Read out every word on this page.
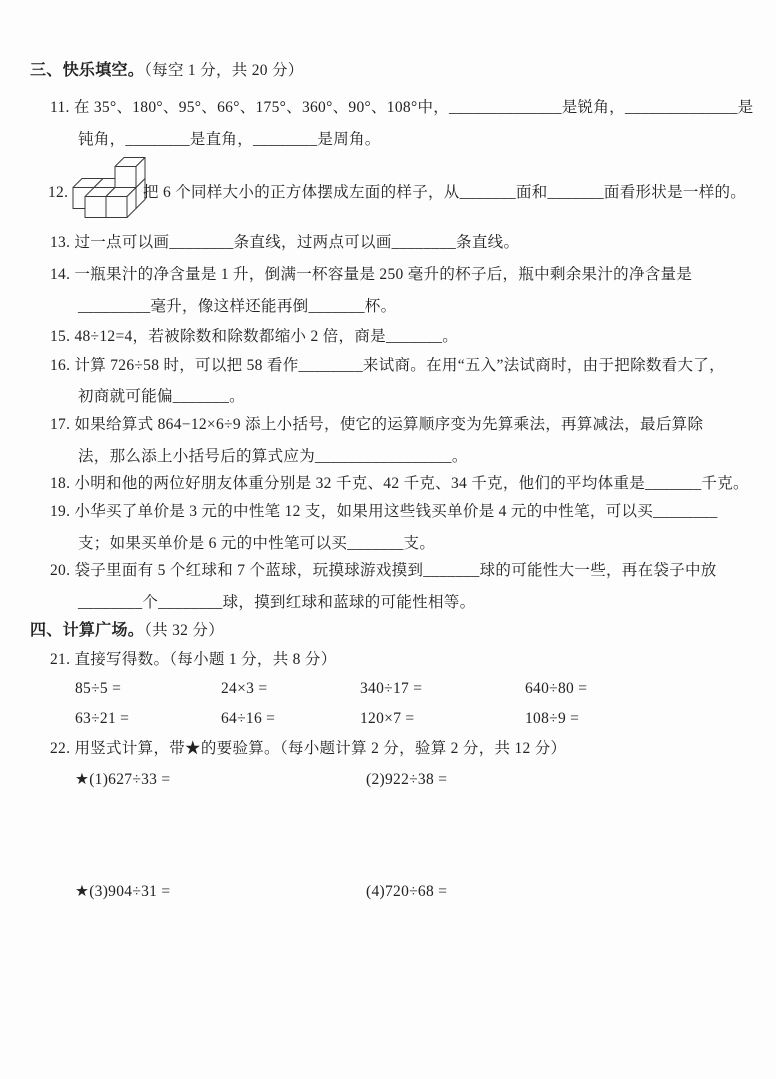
三、快乐填空。（每空 1 分，共 20 分）
11. 在 35°、180°、95°、66°、175°、360°、90°、108°中，______________是锐角，______________是
钝角，________是直角，________是周角。
12.	把 6 个同样大小的正方体摆成左面的样子，从_______面和_______面看形状是一样的。
13. 过一点可以画________条直线，过两点可以画________条直线。
14. 一瓶果汁的净含量是 1 升，倒满一杯容量是 250 毫升的杯子后，瓶中剩余果汁的净含量是
_________毫升，像这样还能再倒_______杯。
15. 48÷12=4，若被除数和除数都缩小 2 倍，商是_______。
16. 计算 726÷58 时，可以把 58 看作________来试商。在用“五入”法试商时，由于把除数看大了，
初商就可能偏_______。
17. 如果给算式 864−12×6÷9 添上小括号，使它的运算顺序变为先算乘法，再算减法，最后算除
法，那么添上小括号后的算式应为_________________。
18. 小明和他的两位好朋友体重分别是 32 千克、42 千克、34 千克，他们的平均体重是_______千克。
19. 小华买了单价是 3 元的中性笔 12 支，如果用这些钱买单价是 4 元的中性笔，可以买________
支；如果买单价是 6 元的中性笔可以买_______支。
20. 袋子里面有 5 个红球和 7 个蓝球，玩摸球游戏摸到_______球的可能性大一些，再在袋子中放
________个________球，摸到红球和蓝球的可能性相等。
四、计算广场。（共 32 分）
21. 直接写得数。（每小题 1 分，共 8 分）
85÷5 =	24×3 =	340÷17 =	640÷80 =
63÷21 =	64÷16 =	120×7 =	108÷9 =
22. 用竖式计算，带★的要验算。（每小题计算 2 分，验算 2 分，共 12 分）
★(1)627÷33 =	(2)922÷38 =
★(3)904÷31 =	(4)720÷68 =
